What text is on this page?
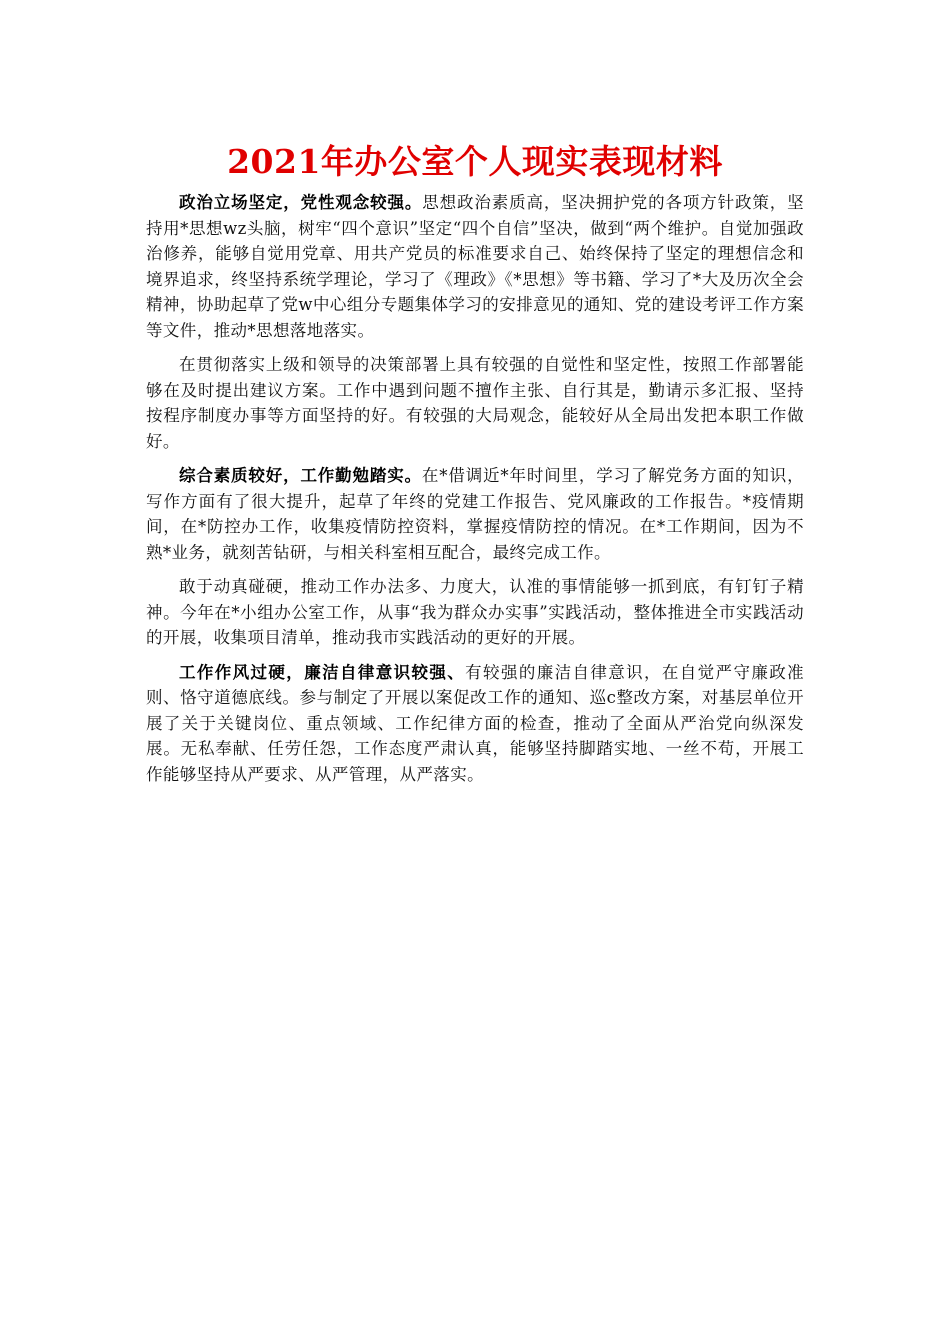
2021年办公室个人现实表现材料

政治立场坚定，党性观念较强。思想政治素质高，坚决拥护党的各项方针政策，坚持用*思想wz头脑，树牢“四个意识”坚定“四个自信”坚决，做到“两个维护。自觉加强政治修养，能够自觉用党章、用共产党员的标准要求自己、始终保持了坚定的理想信念和境界追求，终坚持系统学理论，学习了《理政》《*思想》等书籍、学习了*大及历次全会精神，协助起草了党w中心组分专题集体学习的安排意见的通知、党的建设考评工作方案等文件，推动*思想落地落实。

在贯彻落实上级和领导的决策部署上具有较强的自觉性和坚定性，按照工作部署能够在及时提出建议方案。工作中遇到问题不擅作主张、自行其是，勤请示多汇报、坚持按程序制度办事等方面坚持的好。有较强的大局观念，能较好从全局出发把本职工作做好。

综合素质较好，工作勤勉踏实。在*借调近*年时间里，学习了解党务方面的知识，写作方面有了很大提升，起草了年终的党建工作报告、党风廉政的工作报告。*疫情期间，在*防控办工作，收集疫情防控资料，掌握疫情防控的情况。在*工作期间，因为不熟*业务，就刻苦钻研，与相关科室相互配合，最终完成工作。

敢于动真碰硬，推动工作办法多、力度大，认准的事情能够一抓到底，有钉钉子精神。今年在*小组办公室工作，从事“我为群众办实事”实践活动，整体推进全市实践活动的开展，收集项目清单，推动我市实践活动的更好的开展。

工作作风过硬，廉洁自律意识较强、有较强的廉洁自律意识，在自觉严守廉政准则、恪守道德底线。参与制定了开展以案促改工作的通知、巡c整改方案，对基层单位开展了关于关键岗位、重点领域、工作纪律方面的检查，推动了全面从严治党向纵深发展。无私奉献、任劳任怨，工作态度严肃认真，能够坚持脚踏实地、一丝不苟，开展工作能够坚持从严要求、从严管理，从严落实。
